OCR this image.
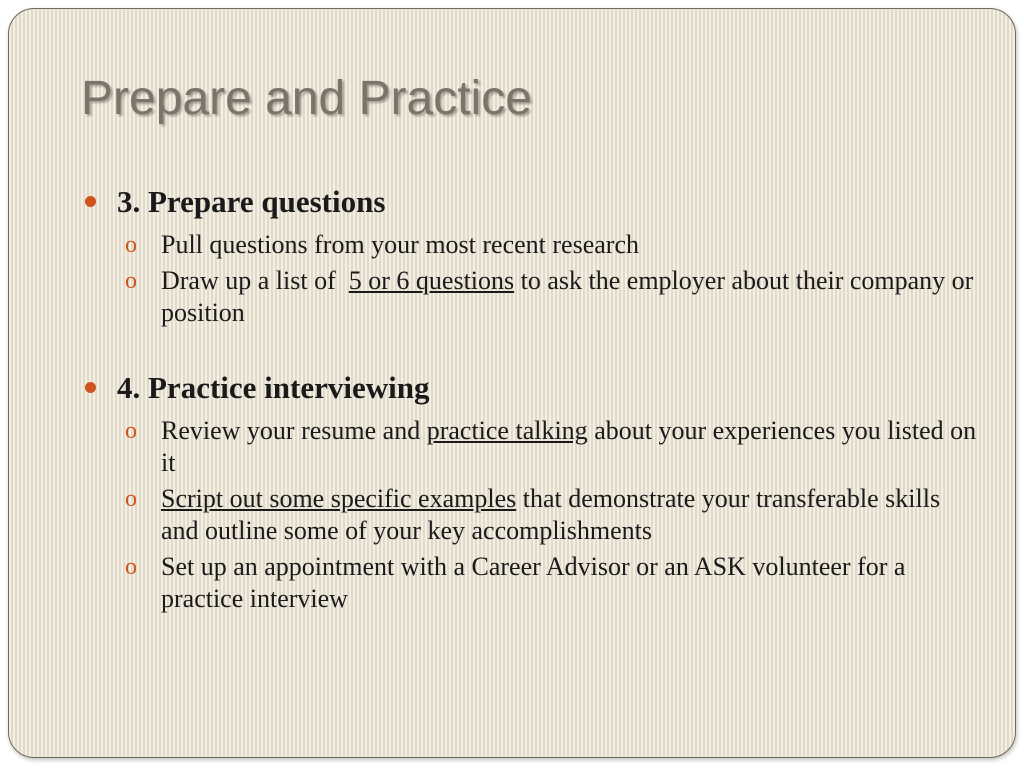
Prepare and Practice
3. Prepare questions
o Pull questions from your most recent research
o Draw up a list of  5 or 6 questions to ask the employer about their company or position
4. Practice interviewing
o Review your resume and practice talking about your experiences you listed on it
o Script out some specific examples that demonstrate your transferable skills and outline some of your key accomplishments
o Set up an appointment with a Career Advisor or an ASK volunteer for a practice interview
